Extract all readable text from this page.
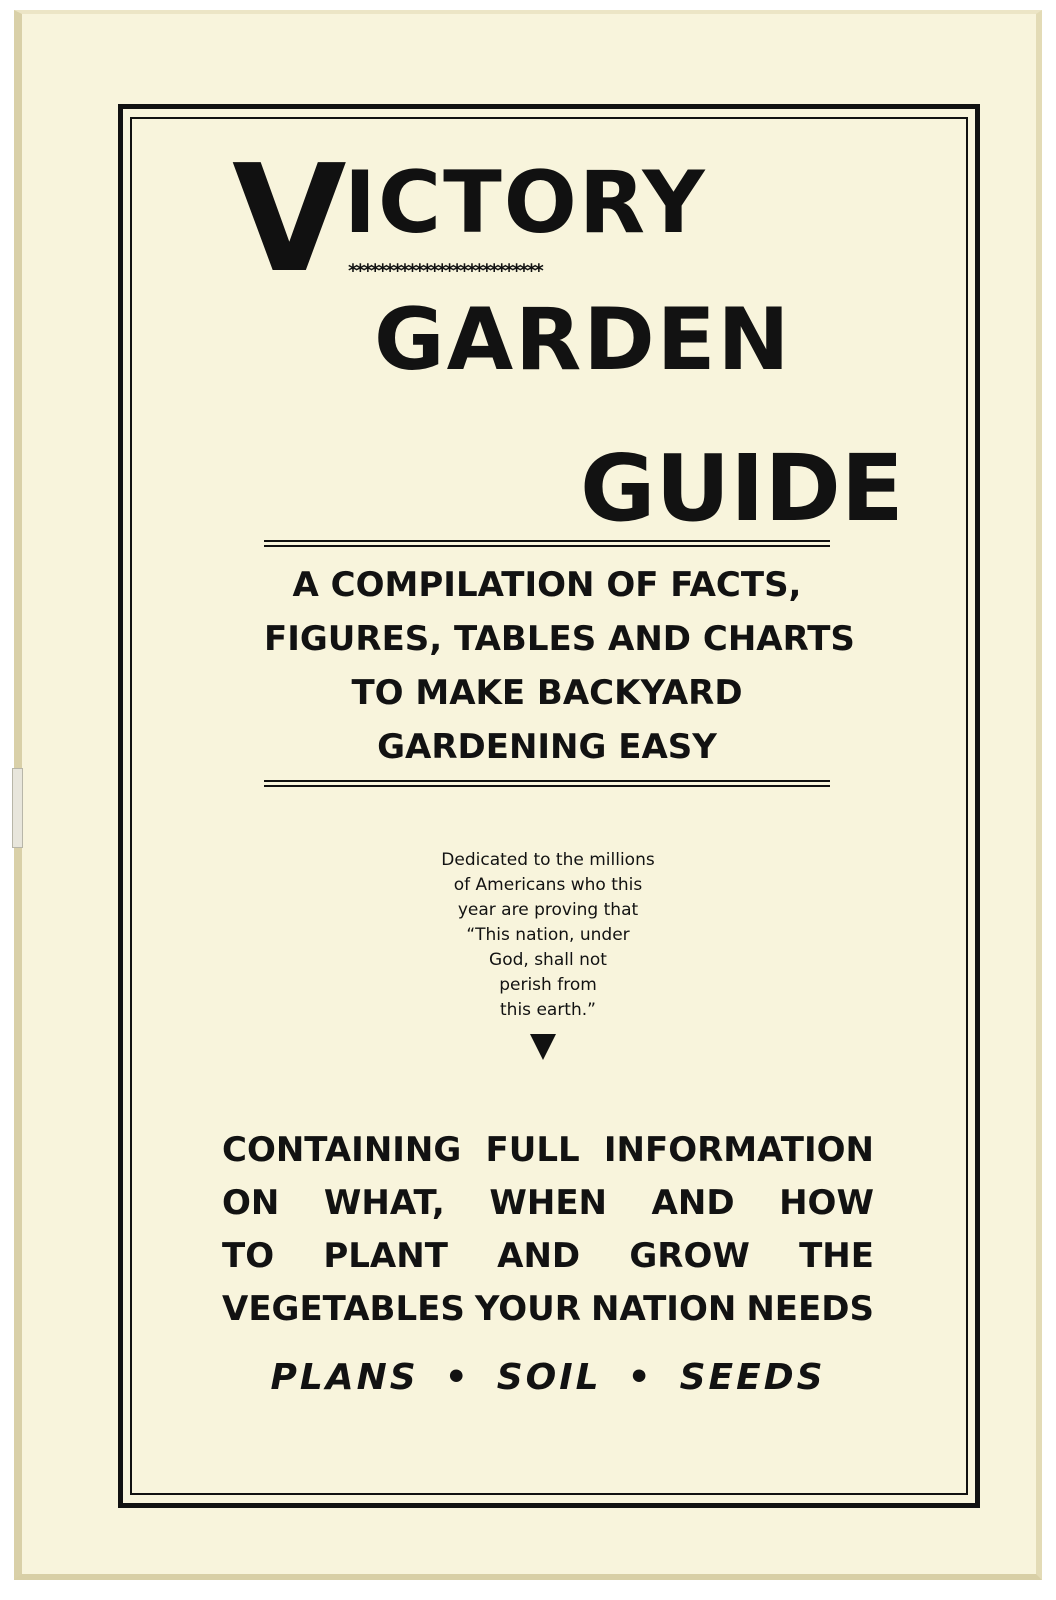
V
ICTORY
**************************
GARDEN
GUIDE
A COMPILATION OF FACTS,
FIGURES, TABLES AND CHARTS
TO MAKE BACKYARD
GARDENING EASY
Dedicated to the millions
of Americans who this
year are proving that
“This nation, under
God, shall not
perish from
this earth.”
CONTAINING FULL INFORMATION
ON WHAT, WHEN AND HOW
TO PLANT AND GROW THE
VEGETABLES YOUR NATION NEEDS
PLANS • SOIL • SEEDS
